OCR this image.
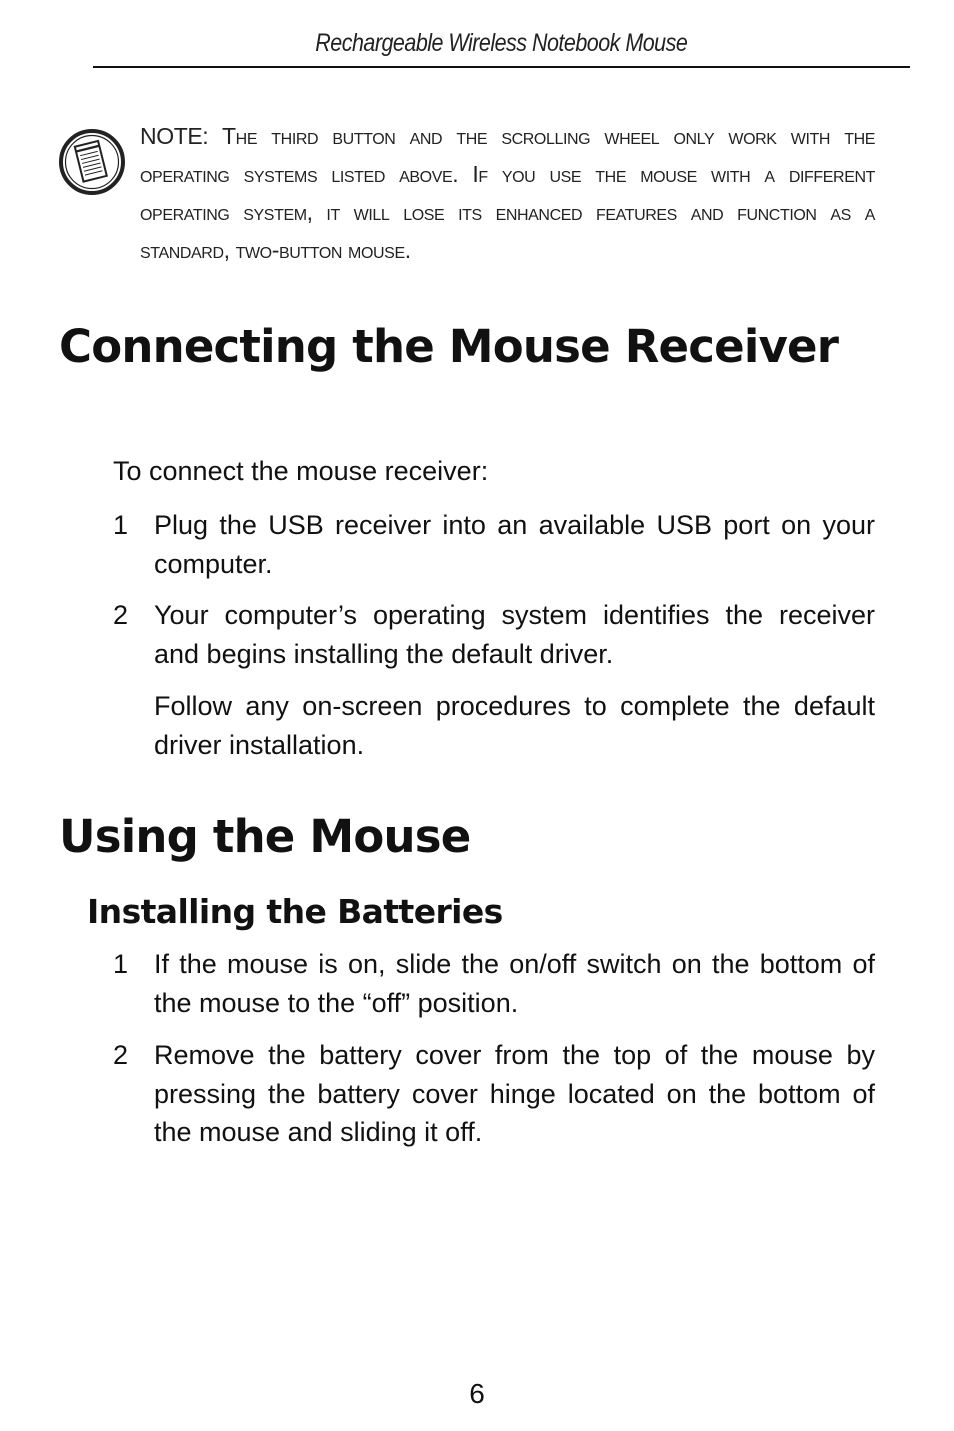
Rechargeable Wireless Notebook Mouse
NOTE: The third button and the scrolling wheel only work with the operating systems listed above. If you use the mouse with a different operating system, it will lose its enhanced features and function as a standard, two-button mouse.
Connecting the Mouse Receiver
To connect the mouse receiver:
1 Plug the USB receiver into an available USB port on your computer.
2 Your computer’s operating system identifies the receiver and begins installing the default driver.
Follow any on-screen procedures to complete the default driver installation.
Using the Mouse
Installing the Batteries
1 If the mouse is on, slide the on/off switch on the bottom of the mouse to the “off” position.
2 Remove the battery cover from the top of the mouse by pressing the battery cover hinge located on the bottom of the mouse and sliding it off.
6
